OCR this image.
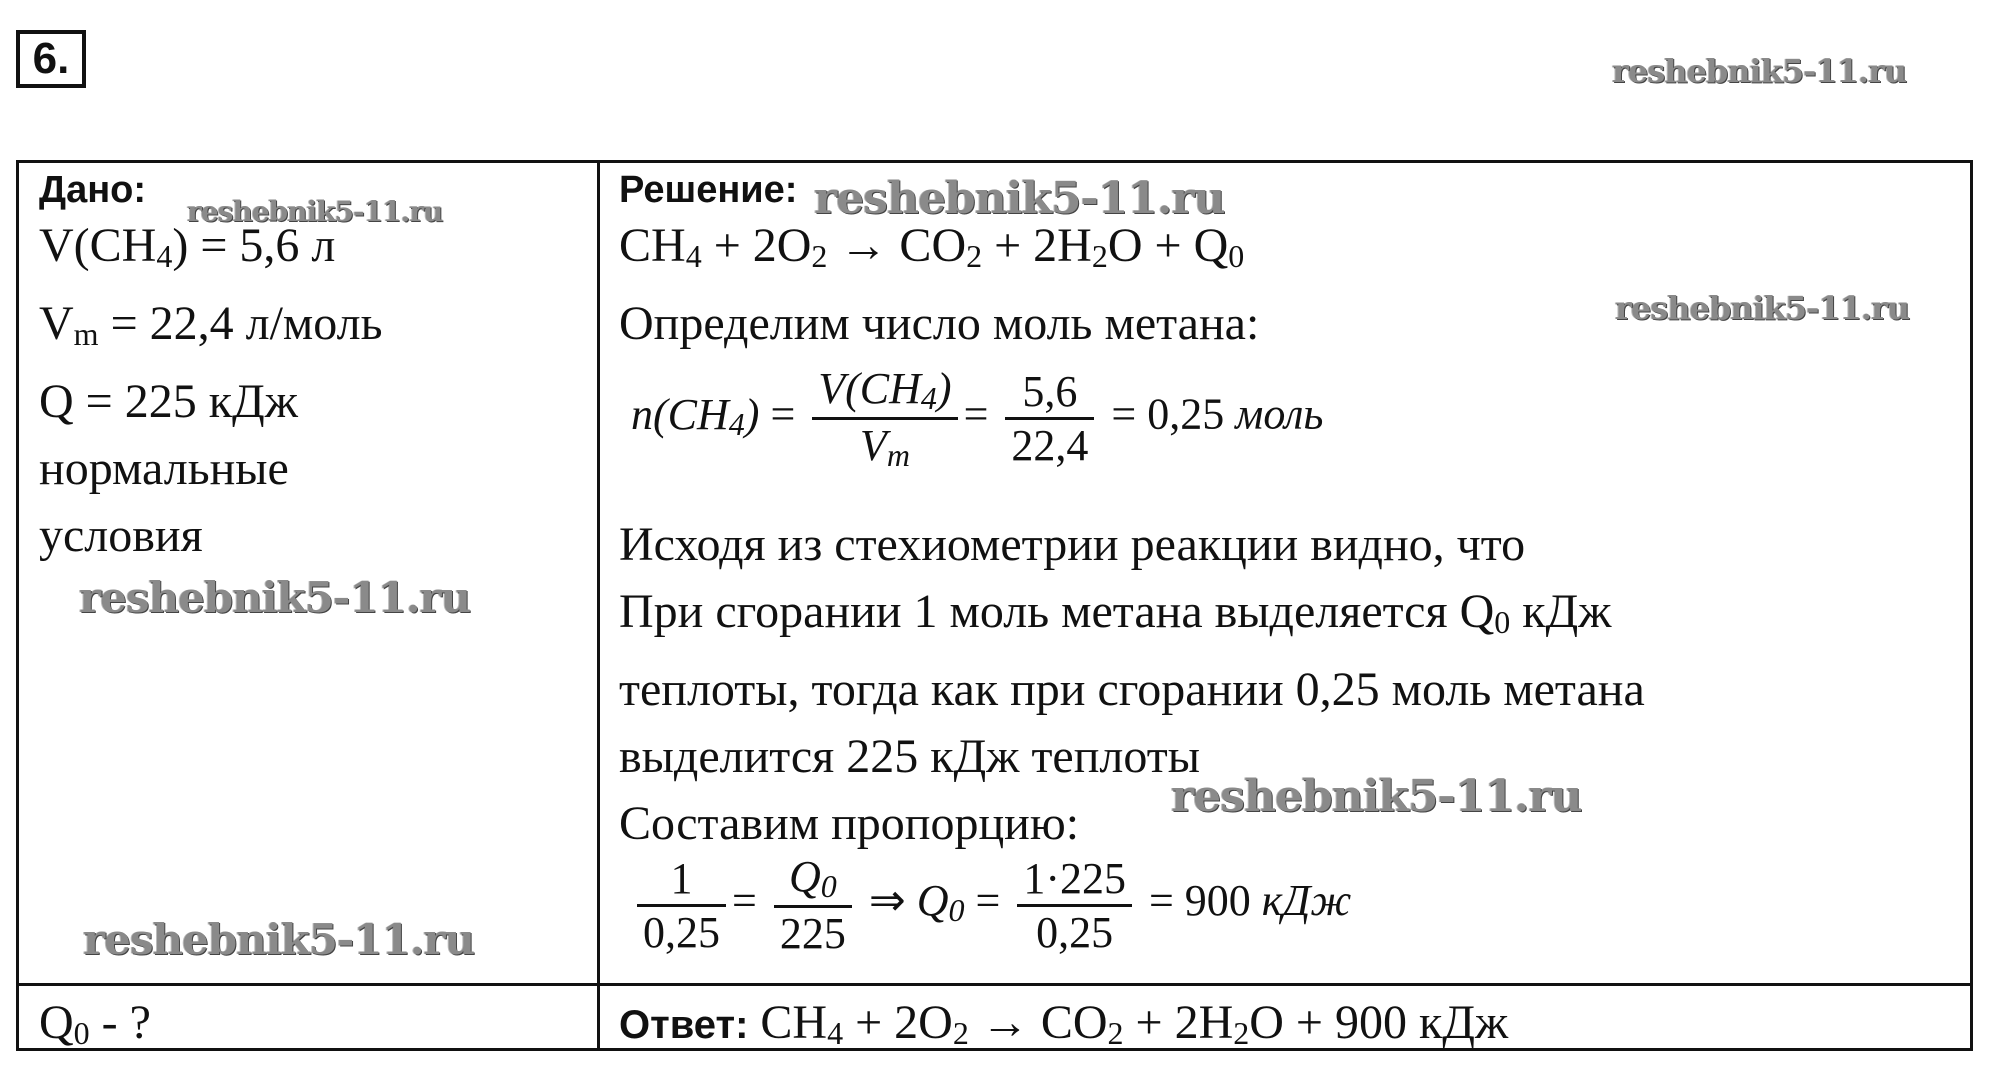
6.	reshebnik5-11.ru
Дано:
V(CH4) = 5,6 л
Vm = 22,4 л/моль
Q = 225 кДж
нормальные
условия
reshebnik5-11.ru
reshebnik5-11.ru
reshebnik5-11.ru
Решение:
CH4 + 2O2 → CO2 + 2H2O + Q0
Определим число моль метана:
$n(CH4) = \frac{V(CH4)}{Vm} = \frac{5,6}{22,4} = 0,25$ моль
Исходя из стехиометрии реакции видно, что
При сгорании 1 моль метана выделяется Q0 кДж
теплоты, тогда как при сгорании 0,25 моль метана
выделится 225 кДж теплоты
Составим пропорцию:
$\frac{1}{0,25} = \frac{Q0}{225}$ ⇒ $Q0 = \frac{1\cdot 225}{0,25} = 900$ кДж
reshebnik5-11.ru
reshebnik5-11.ru
reshebnik5-11.ru
Q0 - ?	Ответ: CH4 + 2O2 → CO2 + 2H2O + 900 кДж
